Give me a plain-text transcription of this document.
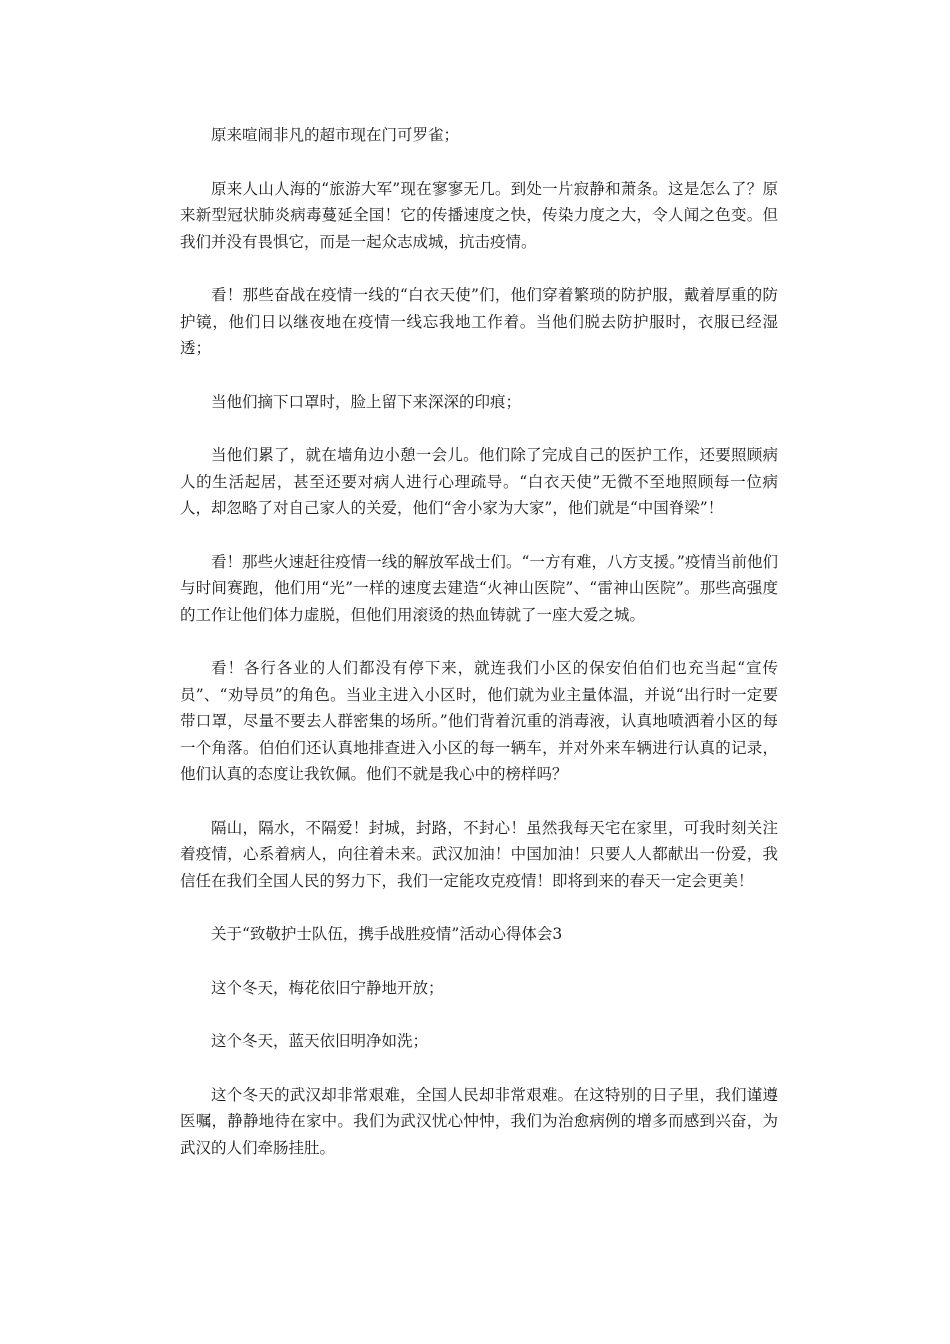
原来喧闹非凡的超市现在门可罗雀；

原来人山人海的“旅游大军”现在寥寥无几。到处一片寂静和萧条。这是怎么了？原来新型冠状肺炎病毒蔓延全国！它的传播速度之快，传染力度之大，令人闻之色变。但我们并没有畏惧它，而是一起众志成城，抗击疫情。

看！那些奋战在疫情一线的“白衣天使”们，他们穿着繁琐的防护服，戴着厚重的防护镜，他们日以继夜地在疫情一线忘我地工作着。当他们脱去防护服时，衣服已经湿透；

当他们摘下口罩时，脸上留下来深深的印痕；

当他们累了，就在墙角边小憩一会儿。他们除了完成自己的医护工作，还要照顾病人的生活起居，甚至还要对病人进行心理疏导。“白衣天使”无微不至地照顾每一位病人，却忽略了对自己家人的关爱，他们“舍小家为大家”，他们就是“中国脊梁”！

看！那些火速赶往疫情一线的解放军战士们。“一方有难，八方支援。”疫情当前他们与时间赛跑，他们用“光”一样的速度去建造“火神山医院”、“雷神山医院”。那些高强度的工作让他们体力虚脱，但他们用滚烫的热血铸就了一座大爱之城。

看！各行各业的人们都没有停下来，就连我们小区的保安伯伯们也充当起“宣传员”、“劝导员”的角色。当业主进入小区时，他们就为业主量体温，并说“出行时一定要带口罩，尽量不要去人群密集的场所。”他们背着沉重的消毒液，认真地喷洒着小区的每一个角落。伯伯们还认真地排查进入小区的每一辆车，并对外来车辆进行认真的记录，他们认真的态度让我钦佩。他们不就是我心中的榜样吗？

隔山，隔水，不隔爱！封城，封路，不封心！虽然我每天宅在家里，可我时刻关注着疫情，心系着病人，向往着未来。武汉加油！中国加油！只要人人都献出一份爱，我信任在我们全国人民的努力下，我们一定能攻克疫情！即将到来的春天一定会更美！

关于“致敬护士队伍，携手战胜疫情”活动心得体会3

这个冬天，梅花依旧宁静地开放；

这个冬天，蓝天依旧明净如洗；

这个冬天的武汉却非常艰难，全国人民却非常艰难。在这特别的日子里，我们谨遵医嘱，静静地待在家中。我们为武汉忧心忡忡，我们为治愈病例的增多而感到兴奋，为武汉的人们牵肠挂肚。
